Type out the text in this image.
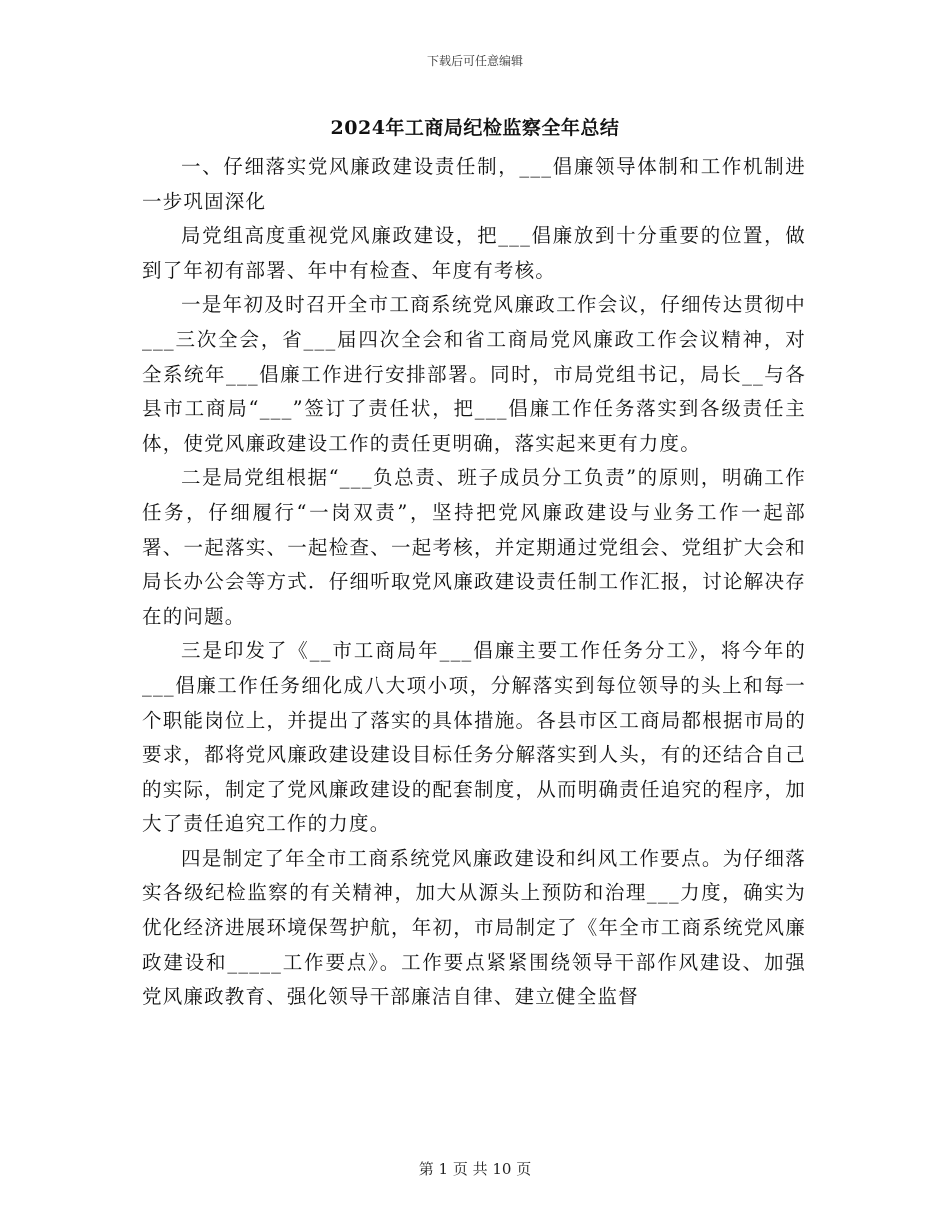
下载后可任意编辑
2024年工商局纪检监察全年总结

一、仔细落实党风廉政建设责任制，___倡廉领导体制和工作机制进一步巩固深化

局党组高度重视党风廉政建设，把___倡廉放到十分重要的位置，做到了年初有部署、年中有检查、年度有考核。

一是年初及时召开全市工商系统党风廉政工作会议，仔细传达贯彻中___三次全会，省___届四次全会和省工商局党风廉政工作会议精神，对全系统年___倡廉工作进行安排部署。同时，市局党组书记，局长__与各县市工商局“___”签订了责任状，把___倡廉工作任务落实到各级责任主体，使党风廉政建设工作的责任更明确，落实起来更有力度。

二是局党组根据“___负总责、班子成员分工负责”的原则，明确工作任务，仔细履行“一岗双责”，坚持把党风廉政建设与业务工作一起部署、一起落实、一起检查、一起考核，并定期通过党组会、党组扩大会和局长办公会等方式．仔细听取党风廉政建设责任制工作汇报，讨论解决存在的问题。

三是印发了《__市工商局年___倡廉主要工作任务分工》，将今年的___倡廉工作任务细化成八大项小项，分解落实到每位领导的头上和每一个职能岗位上，并提出了落实的具体措施。各县市区工商局都根据市局的要求，都将党风廉政建设建设目标任务分解落实到人头，有的还结合自己的实际，制定了党风廉政建设的配套制度，从而明确责任追究的程序，加大了责任追究工作的力度。

四是制定了年全市工商系统党风廉政建设和纠风工作要点。为仔细落实各级纪检监察的有关精神，加大从源头上预防和治理___力度，确实为优化经济进展环境保驾护航，年初，市局制定了《年全市工商系统党风廉政建设和_____工作要点》。工作要点紧紧围绕领导干部作风建设、加强党风廉政教育、强化领导干部廉洁自律、建立健全监督

第 1 页 共 10 页
